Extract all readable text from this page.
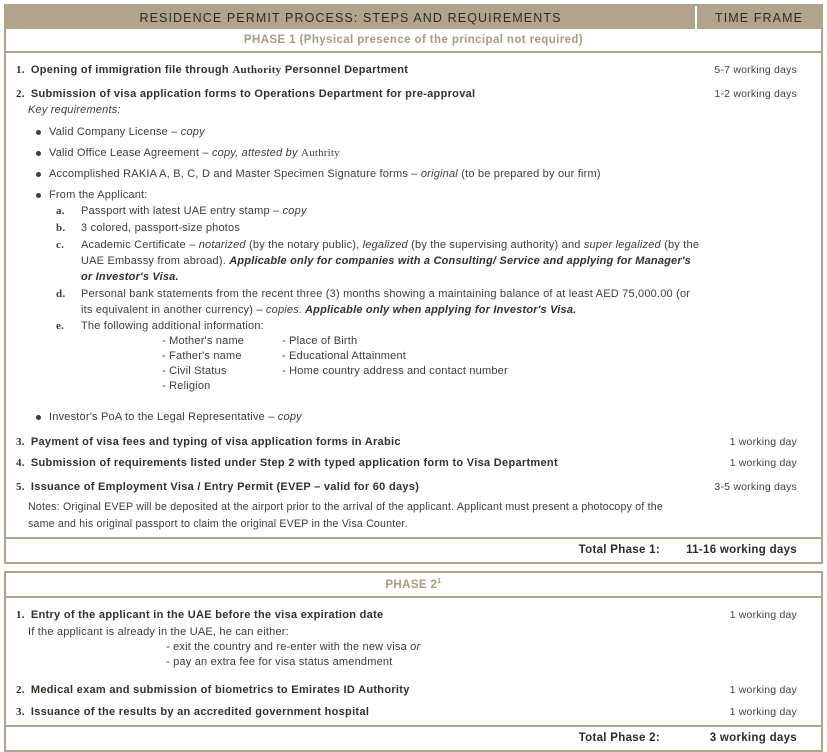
RESIDENCE PERMIT PROCESS: STEPS AND REQUIREMENTS	TIME FRAME
PHASE 1 (Physical presence of the principal not required)
1. Opening of immigration file through Authority Personnel Department	5-7 working days
2. Submission of visa application forms to Operations Department for pre-approval	1-2 working days
Key requirements:
Valid Company License – copy
Valid Office Lease Agreement – copy, attested by Authrity
Accomplished RAKIA A, B, C, D and Master Specimen Signature forms – original (to be prepared by our firm)
From the Applicant:
a.	Passport with latest UAE entry stamp – copy
b.	3 colored, passport-size photos
c.	Academic Certificate – notarized (by the notary public), legalized (by the supervising authority) and super legalized (by the UAE Embassy from abroad). Applicable only for companies with a Consulting/ Service and applying for Manager's or Investor's Visa.
d.	Personal bank statements from the recent three (3) months showing a maintaining balance of at least AED 75,000.00 (or its equivalent in another currency) – copies. Applicable only when applying for Investor's Visa.
e.	The following additional information:
- Mother's name
- Father's name
- Civil Status
- Religion
- Place of Birth
- Educational Attainment
- Home country address and contact number
Investor's PoA to the Legal Representative – copy
3. Payment of visa fees and typing of visa application forms in Arabic	1 working day
4. Submission of requirements listed under Step 2 with typed application form to Visa Department	1 working day
5. Issuance of Employment Visa / Entry Permit (EVEP – valid for 60 days)	3-5 working days
Notes: Original EVEP will be deposited at the airport prior to the arrival of the applicant. Applicant must present a photocopy of the same and his original passport to claim the original EVEP in the Visa Counter.
Total Phase 1:	11-16 working days
PHASE $2^1$
1. Entry of the applicant in the UAE before the visa expiration date	1 working day
If the applicant is already in the UAE, he can either:
- exit the country and re-enter with the new visa or
- pay an extra fee for visa status amendment
2. Medical exam and submission of biometrics to Emirates ID Authority	1 working day
3. Issuance of the results by an accredited government hospital	1 working day
Total Phase 2:	3 working days
